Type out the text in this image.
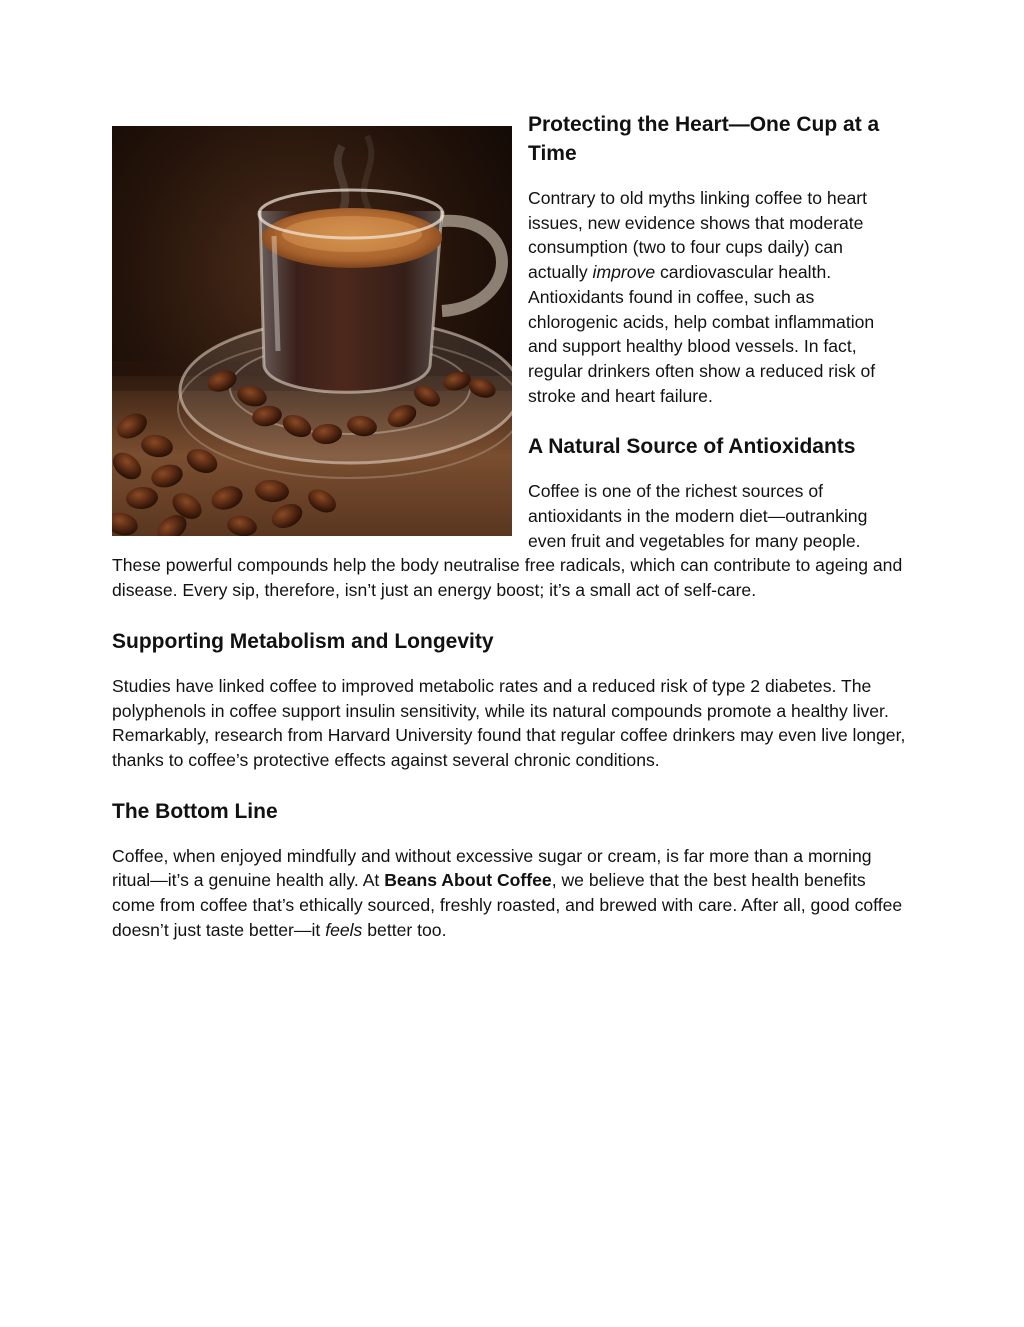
Protecting the Heart—One Cup at a Time

Contrary to old myths linking coffee to heart issues, new evidence shows that moderate consumption (two to four cups daily) can actually improve cardiovascular health. Antioxidants found in coffee, such as chlorogenic acids, help combat inflammation and support healthy blood vessels. In fact, regular drinkers often show a reduced risk of stroke and heart failure.

A Natural Source of Antioxidants

Coffee is one of the richest sources of antioxidants in the modern diet—outranking even fruit and vegetables for many people. These powerful compounds help the body neutralise free radicals, which can contribute to ageing and disease. Every sip, therefore, isn’t just an energy boost; it’s a small act of self-care.

Supporting Metabolism and Longevity

Studies have linked coffee to improved metabolic rates and a reduced risk of type 2 diabetes. The polyphenols in coffee support insulin sensitivity, while its natural compounds promote a healthy liver. Remarkably, research from Harvard University found that regular coffee drinkers may even live longer, thanks to coffee’s protective effects against several chronic conditions.

The Bottom Line

Coffee, when enjoyed mindfully and without excessive sugar or cream, is far more than a morning ritual—it’s a genuine health ally. At Beans About Coffee, we believe that the best health benefits come from coffee that’s ethically sourced, freshly roasted, and brewed with care. After all, good coffee doesn’t just taste better—it feels better too.
